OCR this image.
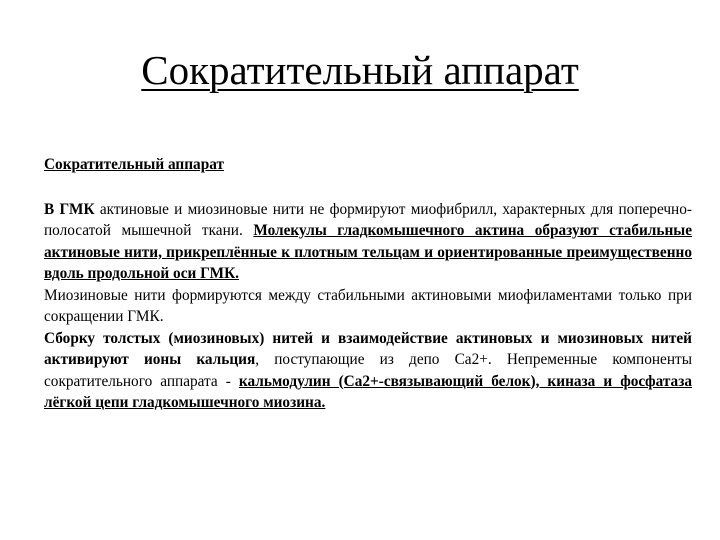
Сократительный аппарат
Сократительный аппарат
В ГМК актиновые и миозиновые нити не формируют миофибрилл, характерных для поперечно-полосатой мышечной ткани. Молекулы гладкомышечного актина образуют стабильные актиновые нити, прикреплённые к плотным тельцам и ориентированные преимущественно вдоль продольной оси ГМК.
Миозиновые нити формируются между стабильными актиновыми миофиламентами только при сокращении ГМК.
Сборку толстых (миозиновых) нитей и взаимодействие актиновых и миозиновых нитей активируют ионы кальция, поступающие из депо Са2+. Непременные компоненты сократительного аппарата - кальмодулин (Са2+-связывающий белок), киназа и фосфатаза лёгкой цепи гладкомышечного миозина.
